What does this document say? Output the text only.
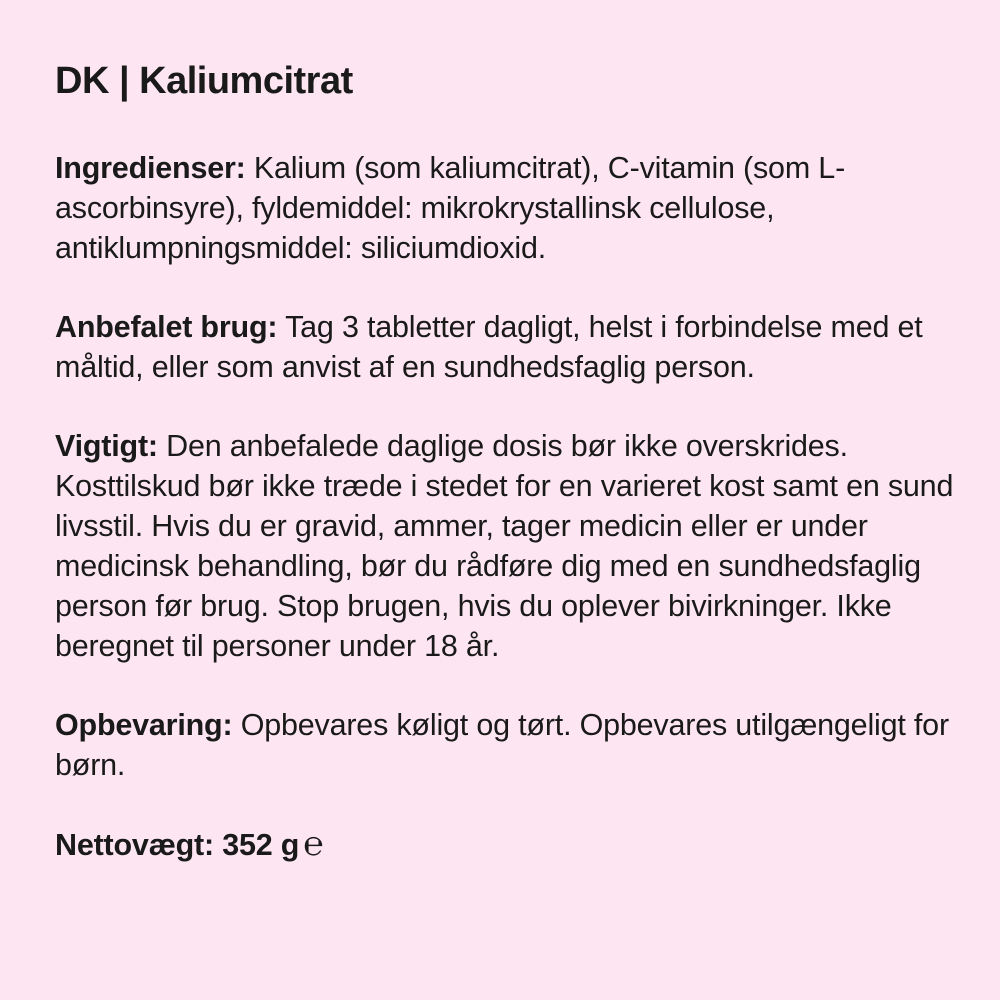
DK | Kaliumcitrat

Ingredienser: Kalium (som kaliumcitrat), C-vitamin (som L-ascorbinsyre), fyldemiddel: mikrokrystallinsk cellulose, antiklumpningsmiddel: siliciumdioxid.

Anbefalet brug: Tag 3 tabletter dagligt, helst i forbindelse med et måltid, eller som anvist af en sundhedsfaglig person.

Vigtigt: Den anbefalede daglige dosis bør ikke overskrides. Kosttilskud bør ikke træde i stedet for en varieret kost samt en sund livsstil. Hvis du er gravid, ammer, tager medicin eller er under medicinsk behandling, bør du rådføre dig med en sundhedsfaglig person før brug. Stop brugen, hvis du oplever bivirkninger. Ikke beregnet til personer under 18 år.

Opbevaring: Opbevares køligt og tørt. Opbevares utilgængeligt for børn.

Nettovægt: 352 g ℮
